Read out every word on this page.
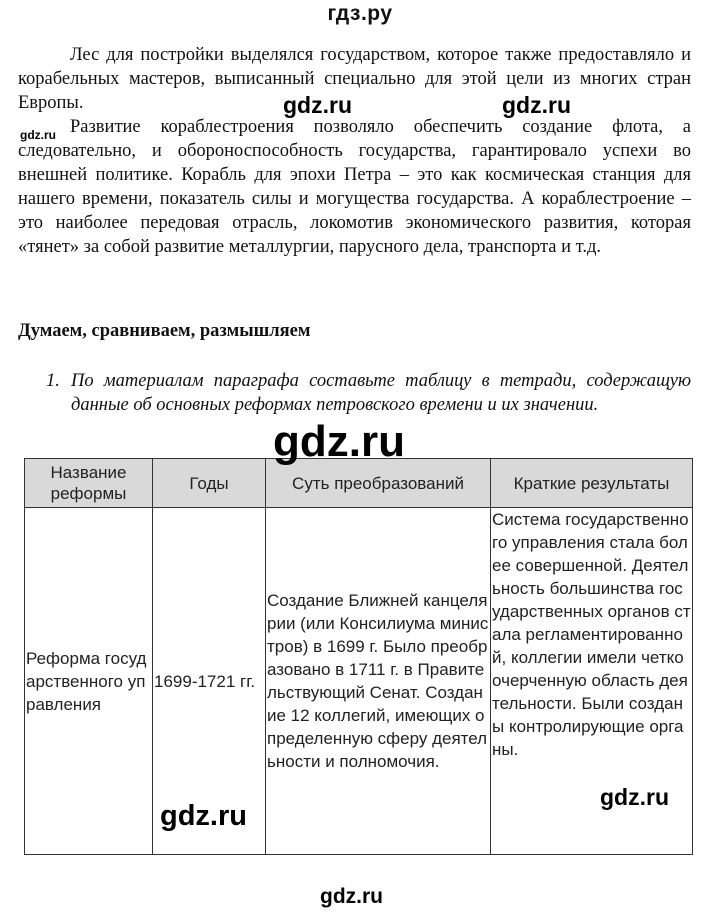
гдз.ру

Лес для постройки выделялся государством, которое также предоставляло и корабельных мастеров, выписанный специально для этой цели из многих стран Европы.

Развитие кораблестроения позволяло обеспечить создание флота, а следовательно, и обороноспособность государства, гарантировало успехи во внешней политике. Корабль для эпохи Петра – это как космическая станция для нашего времени, показатель силы и могущества государства. А кораблестроение – это наиболее передовая отрасль, локомотив экономического развития, которая «тянет» за собой развитие металлургии, парусного дела, транспорта и т.д.

Думаем, сравниваем, размышляем
1. По материалам параграфа составьте таблицу в тетради, содержащую данные об основных реформах петровского времени и их значении.
Название реформы	Годы	Суть преобразований	Краткие результаты
Реформа государственного управления	1699-1721 гг.	Создание Ближней канцелярии (или Консилиума министров) в 1699 г. Было преобразовано в 1711 г. в Правительствующий Сенат. Создание 12 коллегий, имеющих определенную сферу деятельности и полномочия.	Система государственного управления стала более совершенной. Деятельность большинства государственных органов стала регламентированной, коллегии имели четко очерченную область деятельности. Были созданы контролирующие органы.
gdz.ru
gdz.ru	gdz.ru
gdz.ru
gdz.ru
gdz.ru
gdz.ru
